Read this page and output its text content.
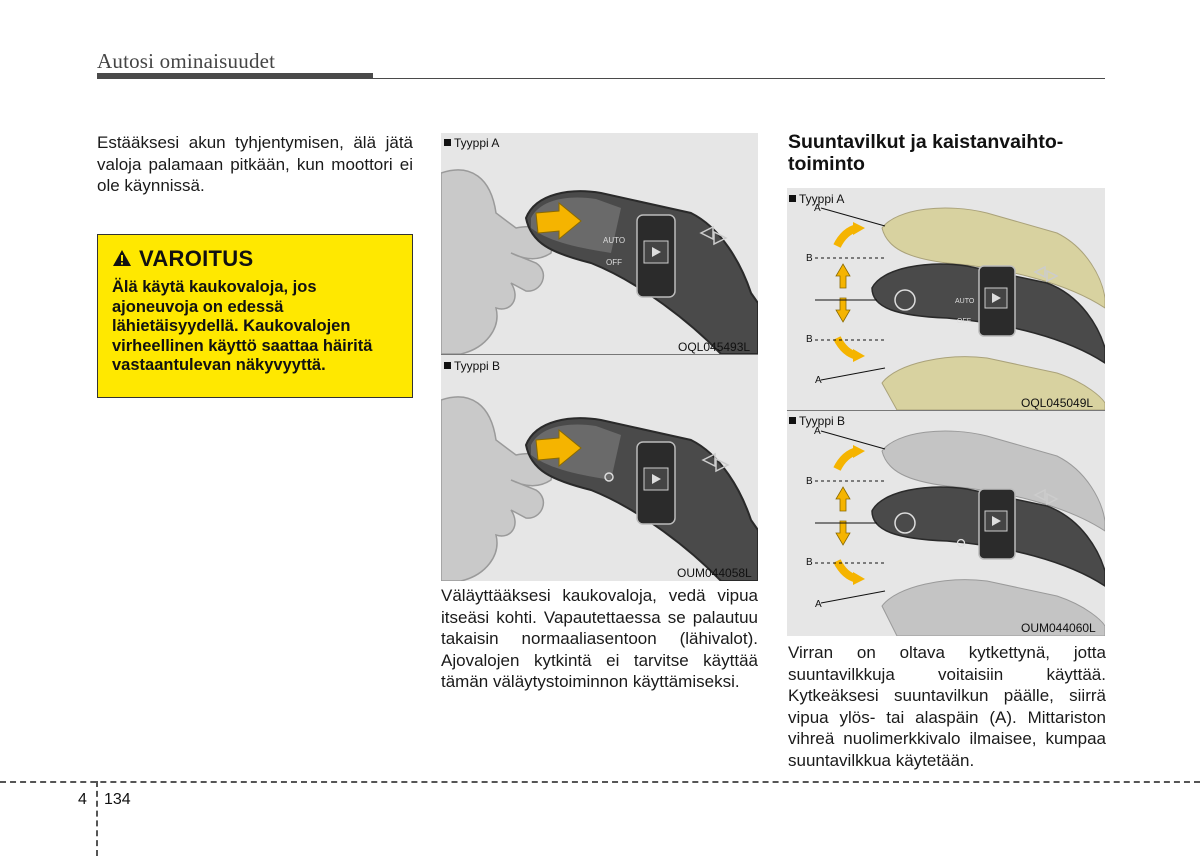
Autosi ominaisuudet
Estääksesi akun tyhjentymisen, älä jätä valoja palamaan pitkään, kun moottori ei ole käynnissä.
VAROITUS
Älä käytä kaukovaloja, jos ajoneuvoja on edessä lähietäisyydellä. Kaukovalojen virheellinen käyttö saattaa häiritä vastaantulevan näkyvyyttä.
AUTO
OFF
Tyyppi A
OQL045493L
Tyyppi B
OUM044058L
Väläyttääksesi kaukovaloja, vedä vipua itseäsi kohti. Vapautettaessa se palautuu takaisin normaaliasentoon (lähivalot). Ajovalojen kytkintä ei tarvitse käyttää tämän väläytystoiminnon käyttämiseksi.
Suuntavilkut ja kaistanvaihto-
toiminto
AUTO
OFF
Tyyppi A
A
B
B
A
OQL045049L
Tyyppi B
A
B
B
A
OUM044060L
Virran on oltava kytkettynä, jotta suuntavilkkuja voitaisiin käyttää. Kytkeäksesi suuntavilkun päälle, siirrä vipua ylös- tai alaspäin (A). Mittariston vihreä nuolimerkkivalo ilmaisee, kumpaa suuntavilkkua käytetään.
4 134
